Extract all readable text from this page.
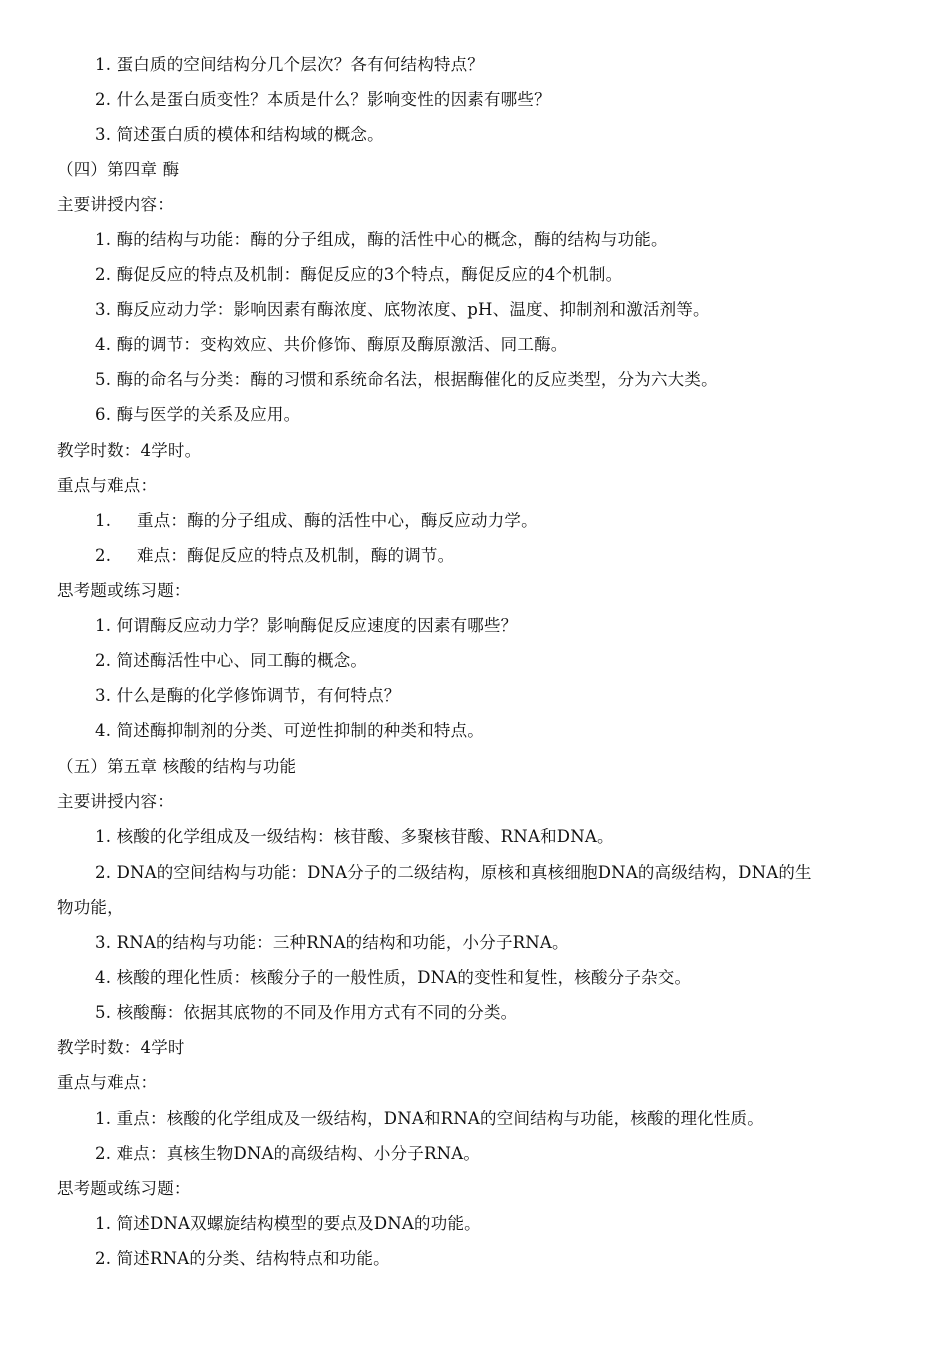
1. 蛋白质的空间结构分几个层次？各有何结构特点？
2. 什么是蛋白质变性？本质是什么？影响变性的因素有哪些？
3. 简述蛋白质的模体和结构域的概念。
（四）第四章 酶
主要讲授内容：
1. 酶的结构与功能：酶的分子组成，酶的活性中心的概念，酶的结构与功能。
2. 酶促反应的特点及机制：酶促反应的3个特点，酶促反应的4个机制。
3. 酶反应动力学：影响因素有酶浓度、底物浓度、pH、温度、抑制剂和激活剂等。
4. 酶的调节：变构效应、共价修饰、酶原及酶原激活、同工酶。
5. 酶的命名与分类：酶的习惯和系统命名法，根据酶催化的反应类型，分为六大类。
6. 酶与医学的关系及应用。
教学时数：4学时。
重点与难点：
1. 重点：酶的分子组成、酶的活性中心，酶反应动力学。
2. 难点：酶促反应的特点及机制，酶的调节。
思考题或练习题：
1. 何谓酶反应动力学？影响酶促反应速度的因素有哪些？
2. 简述酶活性中心、同工酶的概念。
3. 什么是酶的化学修饰调节，有何特点？
4. 简述酶抑制剂的分类、可逆性抑制的种类和特点。
（五）第五章 核酸的结构与功能
主要讲授内容：
1. 核酸的化学组成及一级结构：核苷酸、多聚核苷酸、RNA和DNA。
2. DNA的空间结构与功能：DNA分子的二级结构，原核和真核细胞DNA的高级结构，DNA的生
物功能，
3. RNA的结构与功能：三种RNA的结构和功能，小分子RNA。
4. 核酸的理化性质：核酸分子的一般性质，DNA的变性和复性，核酸分子杂交。
5. 核酸酶：依据其底物的不同及作用方式有不同的分类。
教学时数：4学时
重点与难点：
1. 重点：核酸的化学组成及一级结构，DNA和RNA的空间结构与功能，核酸的理化性质。
2. 难点：真核生物DNA的高级结构、小分子RNA。
思考题或练习题：
1. 简述DNA双螺旋结构模型的要点及DNA的功能。
2. 简述RNA的分类、结构特点和功能。
